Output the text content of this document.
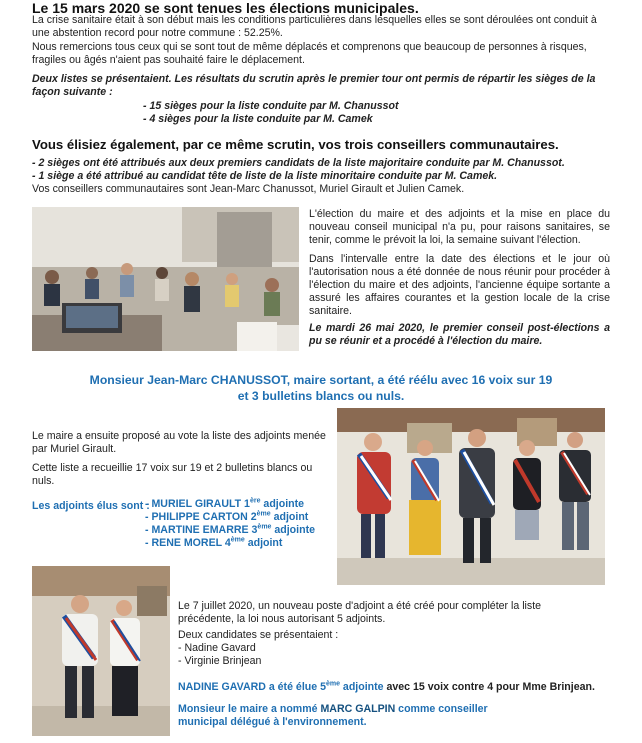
Le 15 mars 2020 se sont tenues les élections municipales.
La crise sanitaire était à son début mais les conditions particulières dans lesquelles elles se sont déroulées ont conduit à une abstention record pour notre commune : 52.25%.
Nous remercions tous ceux qui se sont tout de même déplacés et comprenons que beaucoup de personnes à risques, fragiles ou âgés n'aient pas souhaité faire le déplacement.
Deux listes se présentaient. Les résultats du scrutin après le premier tour ont permis de répartir les sièges de la façon suivante :
- 15 sièges pour la liste conduite par M. Chanussot
- 4 sièges pour la liste conduite par M. Camek
Vous élisiez également, par ce même scrutin, vos trois conseillers communautaires.
- 2 sièges ont été attribués aux deux premiers candidats de la liste majoritaire conduite par M. Chanussot.
- 1 siège a été attribué au candidat tête de liste de la liste minoritaire conduite par M. Camek.
Vos conseillers communautaires sont Jean-Marc Chanussot, Muriel Girault et Julien Camek.
L'élection du maire et des adjoints et la mise en place du nouveau conseil municipal n'a pu, pour raisons sanitaires, se tenir, comme le prévoit la loi, la semaine suivant l'élection.
Dans l'intervalle entre la date des élections et le jour où l'autorisation nous a été donnée de nous réunir pour procéder à l'élection du maire et des adjoints, l'ancienne équipe sortante a assuré les affaires courantes et la gestion locale de la crise sanitaire.
Le mardi 26 mai 2020, le premier conseil post-élections a pu se réunir et a procédé à l'élection du maire.
Monsieur Jean-Marc CHANUSSOT, maire sortant, a été réélu avec 16 voix sur 19
et 3 bulletins blancs ou nuls.
Le maire a ensuite proposé au vote la liste des adjoints menée par Muriel Girault.
Cette liste a recueillie 17 voix sur 19 et 2 bulletins blancs ou nuls.
Les adjoints élus sont :
- MURIEL GIRAULT 1ère adjointe
- PHILIPPE CARTON 2ème adjoint
- MARTINE EMARRE 3ème adjointe
- RENE MOREL 4ème adjoint
Le 7 juillet 2020, un nouveau poste d'adjoint a été créé pour compléter la liste précédente, la loi nous autorisant 5 adjoints.
Deux candidates se présentaient :
- Nadine Gavard
- Virginie Brinjean
NADINE GAVARD a été élue 5ème adjointe avec 15 voix contre 4 pour Mme Brinjean.
Monsieur le maire a nommé MARC GALPIN comme conseiller municipal délégué à l'environnement.
